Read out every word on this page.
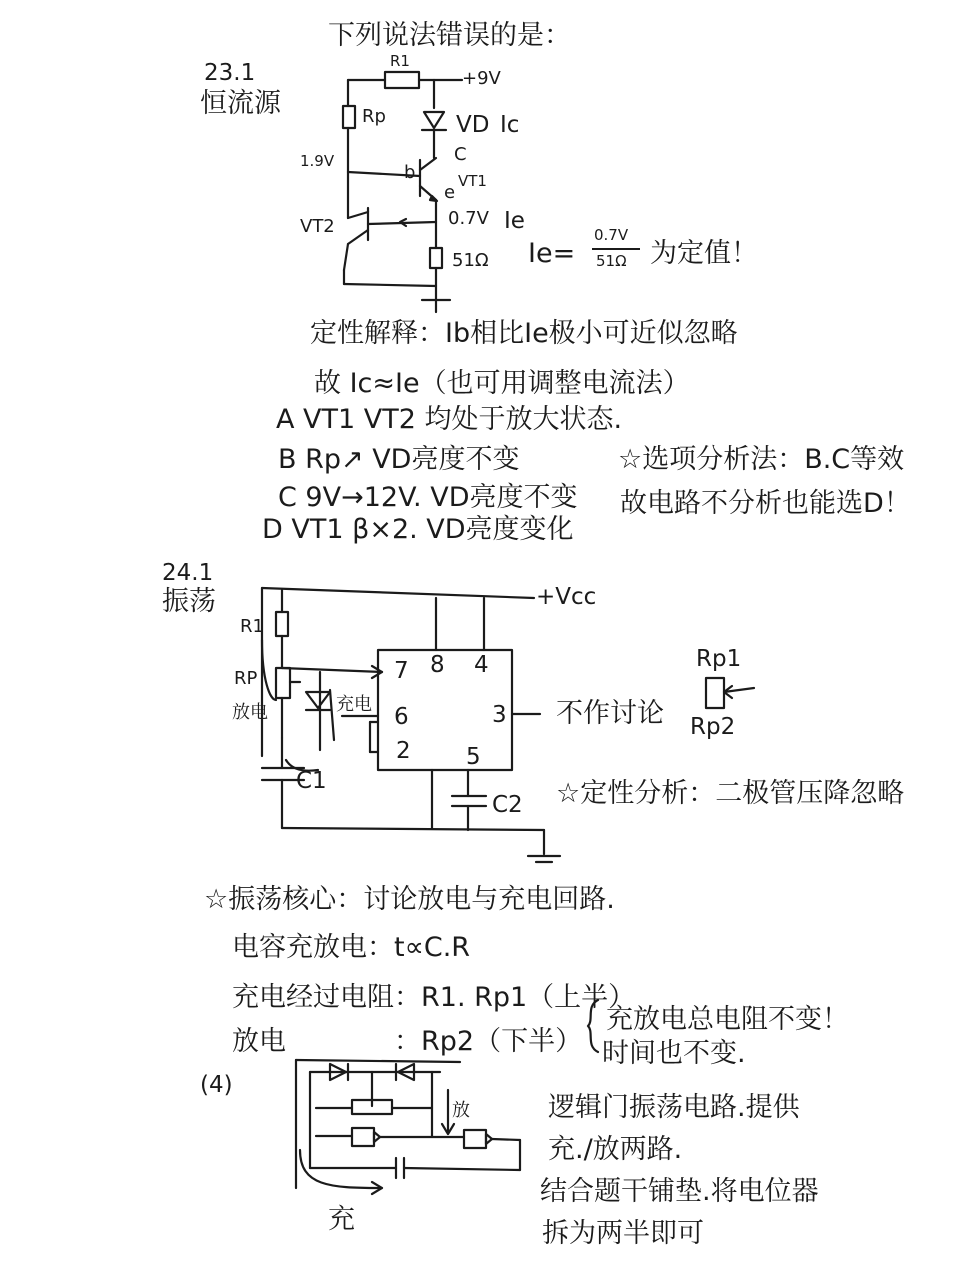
下列说法错误的是：
23.1
恒流源
R1
+9V
Rp	VD Ic
C
1.9V
b
e
VT1
VT2	0.7V Ie
51Ω Ie=
0.7V
51Ω 为定值！
定性解释：Ib相比Ie极小可近似忽略
故 Ic≈Ie（也可用调整电流法）
A VT1 VT2 均处于放大状态.
B Rp↗ VD亮度不变
C 9V→12V. VD亮度不变
D VT1 β×2. VD亮度变化
☆选项分析法：B.C等效
故电路不分析也能选D！
24.1
振荡	+Vcc
R1
RP
放电	充电
7 8 4
6	3
2 5
C1
C2
不作讨论
Rp1
Rp2
☆定性分析：二极管压降忽略
☆振荡核心：讨论放电与充电回路.
电容充放电：t∝C.R
充电经过电阻：R1. Rp1（上半）
放电　　　　：Rp2（下半）
充放电总电阻不变！
时间也不变.
(4)
放
充
逻辑门振荡电路.提供
充./放两路.
结合题干铺垫.将电位器
拆为两半即可
